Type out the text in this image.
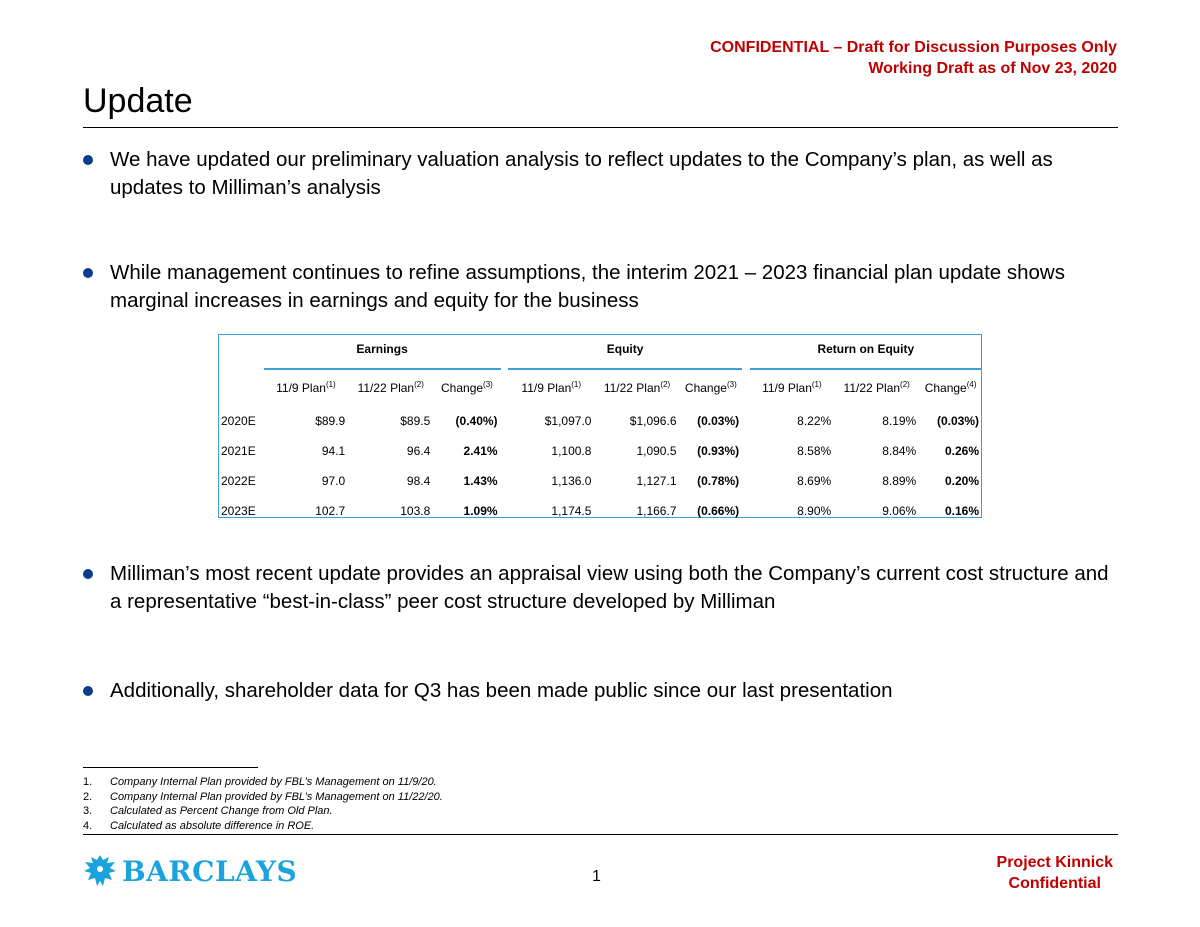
CONFIDENTIAL – Draft for Discussion Purposes Only
Working Draft as of Nov 23, 2020
Update
We have updated our preliminary valuation analysis to reflect updates to the Company’s plan, as well as updates to Milliman’s analysis
While management continues to refine assumptions, the interim 2021 – 2023 financial plan update shows marginal increases in earnings and equity for the business
	Earnings				Equity				Return on Equity		
	11/9 Plan$^{(1)}$	11/22 Plan$^{(2)}$	Change$^{(3)}$		11/9 Plan$^{(1)}$	11/22 Plan$^{(2)}$	Change$^{(3)}$		11/9 Plan$^{(1)}$	11/22 Plan$^{(2)}$	Change$^{(4)}$
2020E	$89.9	$89.5	(0.40%)		$1,097.0	$1,096.6	(0.03%)		8.22%	8.19%	(0.03%)
2021E	94.1	96.4	2.41%		1,100.8	1,090.5	(0.93%)		8.58%	8.84%	0.26%
2022E	97.0	98.4	1.43%		1,136.0	1,127.1	(0.78%)		8.69%	8.89%	0.20%
2023E	102.7	103.8	1.09%		1,174.5	1,166.7	(0.66%)		8.90%	9.06%	0.16%
Milliman’s most recent update provides an appraisal view using both the Company’s current cost structure and a representative “best-in-class” peer cost structure developed by Milliman
Additionally, shareholder data for Q3 has been made public since our last presentation
1. Company Internal Plan provided by FBL’s Management on 11/9/20.
2. Company Internal Plan provided by FBL’s Management on 11/22/20.
3. Calculated as Percent Change from Old Plan.
4. Calculated as absolute difference in ROE.
BARCLAYS	1
Project Kinnick
Confidential
